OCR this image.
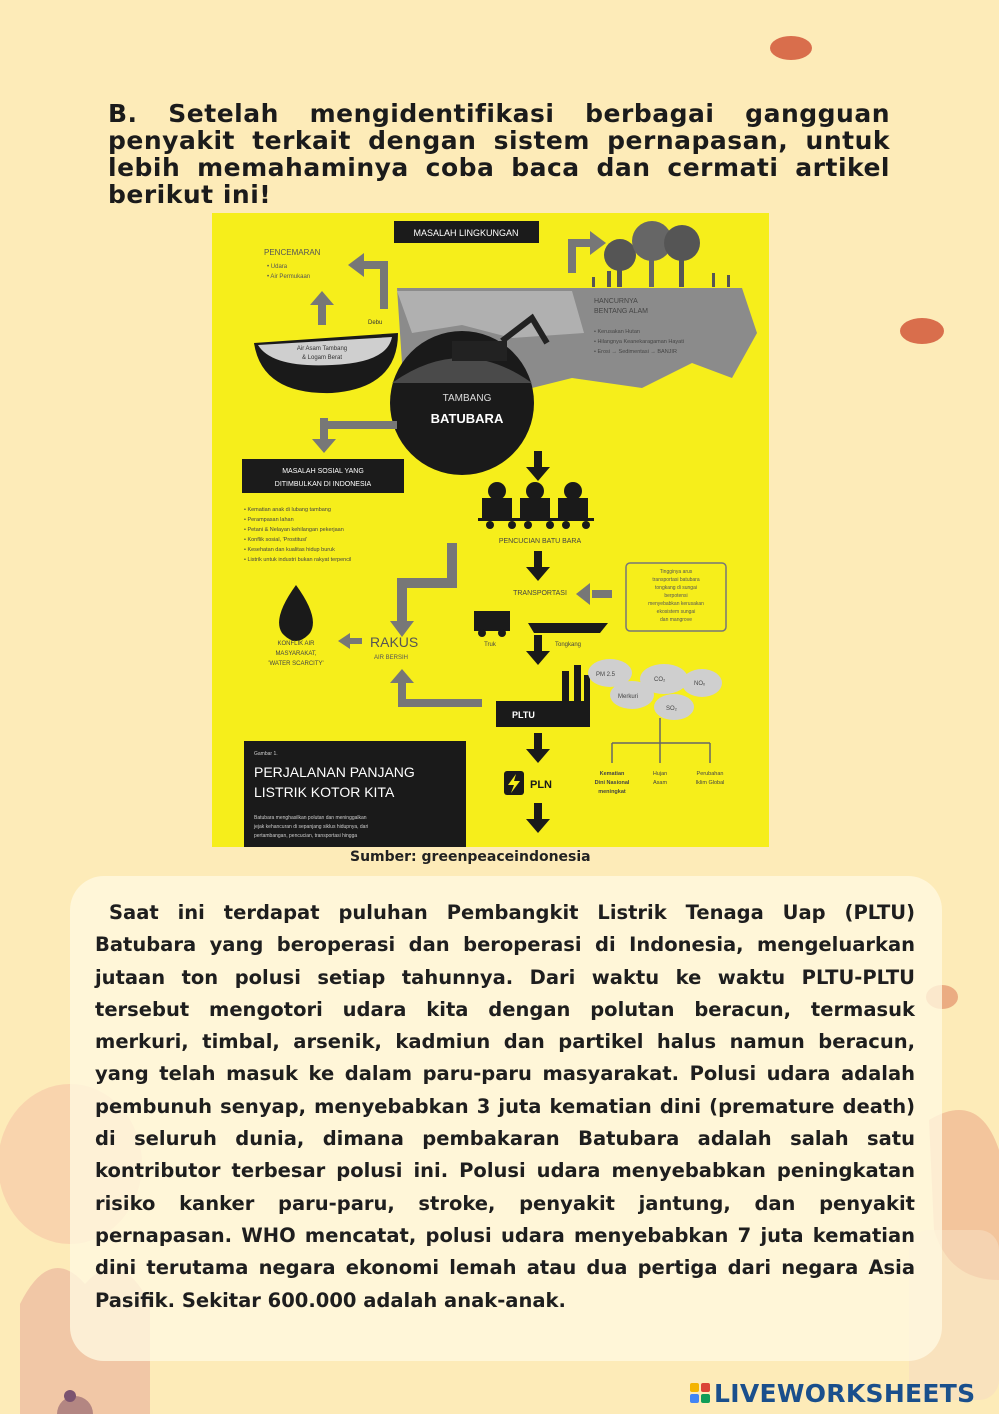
B. Setelah mengidentifikasi berbagai gangguan penyakit terkait dengan sistem pernapasan, untuk lebih memahaminya coba baca dan cermati artikel berikut ini!

MASALAH LINGKUNGAN
PENCEMARAN
• Udara
• Air Permukaan
Debu
TAMBANG
BATUBARA
Air Asam Tambang
& Logam Berat
HANCURNYA
BENTANG ALAM
• Kerusakan Hutan
• Hilangnya Keanekaragaman Hayati
• Erosi → Sedimentasi → BANJIR
MASALAH SOSIAL YANG
DITIMBULKAN DI INDONESIA
• Kematian anak di lubang tambang
• Perampasan lahan
• Petani & Nelayan kehilangan pekerjaan
• Konflik sosial, 'Prostitusi'
• Kesehatan dan kualitas hidup buruk
• Listrik untuk industri bukan rakyat terpencil
PENCUCIAN BATU BARA
TRANSPORTASI
Truk	Tongkang
Tingginya arus
transportasi batubara
tongkang di sungai
berpotensi
menyebabkan kerusakan
ekosistem sungai
dan mangrove
KONFLIK AIR
MASYARAKAT,
'WATER SCARCITY'
RAKUS
AIR BERSIH
PLTU
PM 2.5
CO₂
NOₓ
Merkuri
SO₂
Kematian
Dini Nasional
meningkat
Hujan
Asam
Perubahan
Iklim Global
PLN
Gambar 1.
PERJALANAN PANJANG
LISTRIK KOTOR KITA
Batubara menghasilkan polutan dan meninggalkan
jejak kehancuran di sepanjang siklus hidupnya, dari
pertambangan, pencucian, transportasi hingga
Sumber: greenpeaceindonesia

Saat ini terdapat puluhan Pembangkit Listrik Tenaga Uap (PLTU) Batubara yang beroperasi dan beroperasi di Indonesia, mengeluarkan jutaan ton polusi setiap tahunnya. Dari waktu ke waktu PLTU-PLTU tersebut mengotori udara kita dengan polutan beracun, termasuk merkuri, timbal, arsenik, kadmiun dan partikel halus namun beracun, yang telah masuk ke dalam paru-paru masyarakat. Polusi udara adalah pembunuh senyap, menyebabkan 3 juta kematian dini (premature death) di seluruh dunia, dimana pembakaran Batubara adalah salah satu kontributor terbesar polusi ini. Polusi udara menyebabkan peningkatan risiko kanker paru-paru, stroke, penyakit jantung, dan penyakit pernapasan. WHO mencatat, polusi udara menyebabkan 7 juta kematian dini terutama negara ekonomi lemah atau dua pertiga dari negara Asia Pasifik. Sekitar 600.000 adalah anak-anak.

LIVEWORKSHEETS
